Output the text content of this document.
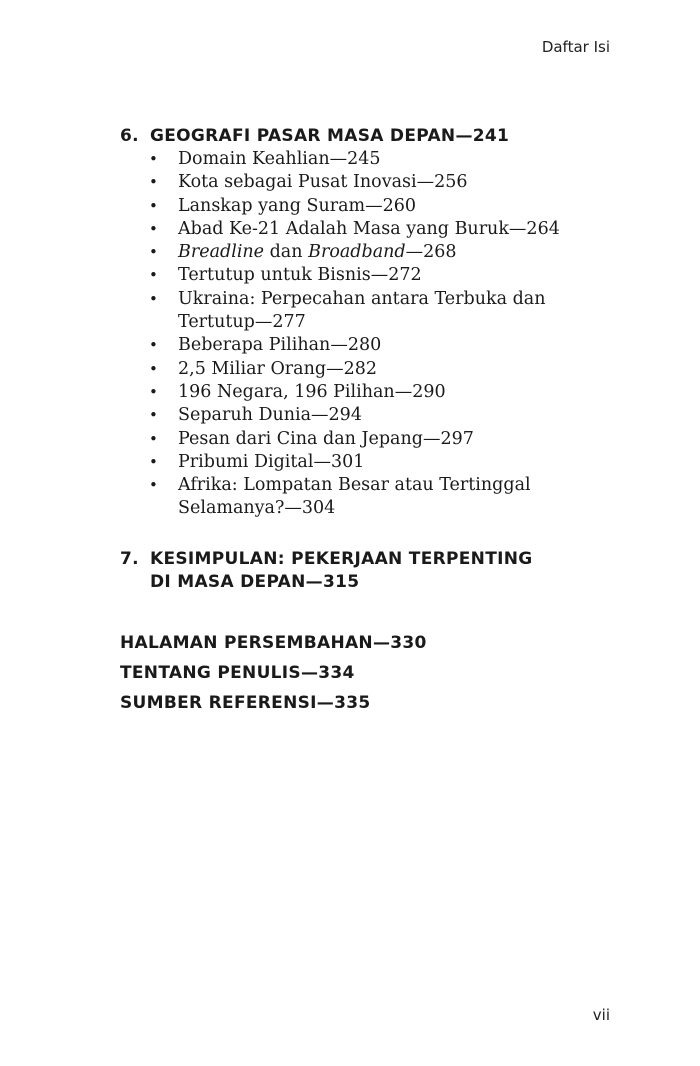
Daftar Isi
6. GEOGRAFI PASAR MASA DEPAN—241
• Domain Keahlian—245
• Kota sebagai Pusat Inovasi—256
• Lanskap yang Suram—260
• Abad Ke-21 Adalah Masa yang Buruk—264
• Breadline dan Broadband—268
• Tertutup untuk Bisnis—272
• Ukraina: Perpecahan antara Terbuka dan
Tertutup—277
• Beberapa Pilihan—280
• 2,5 Miliar Orang—282
• 196 Negara, 196 Pilihan—290
• Separuh Dunia—294
• Pesan dari Cina dan Jepang—297
• Pribumi Digital—301
• Afrika: Lompatan Besar atau Tertinggal
Selamanya?—304
7. KESIMPULAN: PEKERJAAN TERPENTING
DI MASA DEPAN—315
HALAMAN PERSEMBAHAN—330
TENTANG PENULIS—334
SUMBER REFERENSI—335
vii
